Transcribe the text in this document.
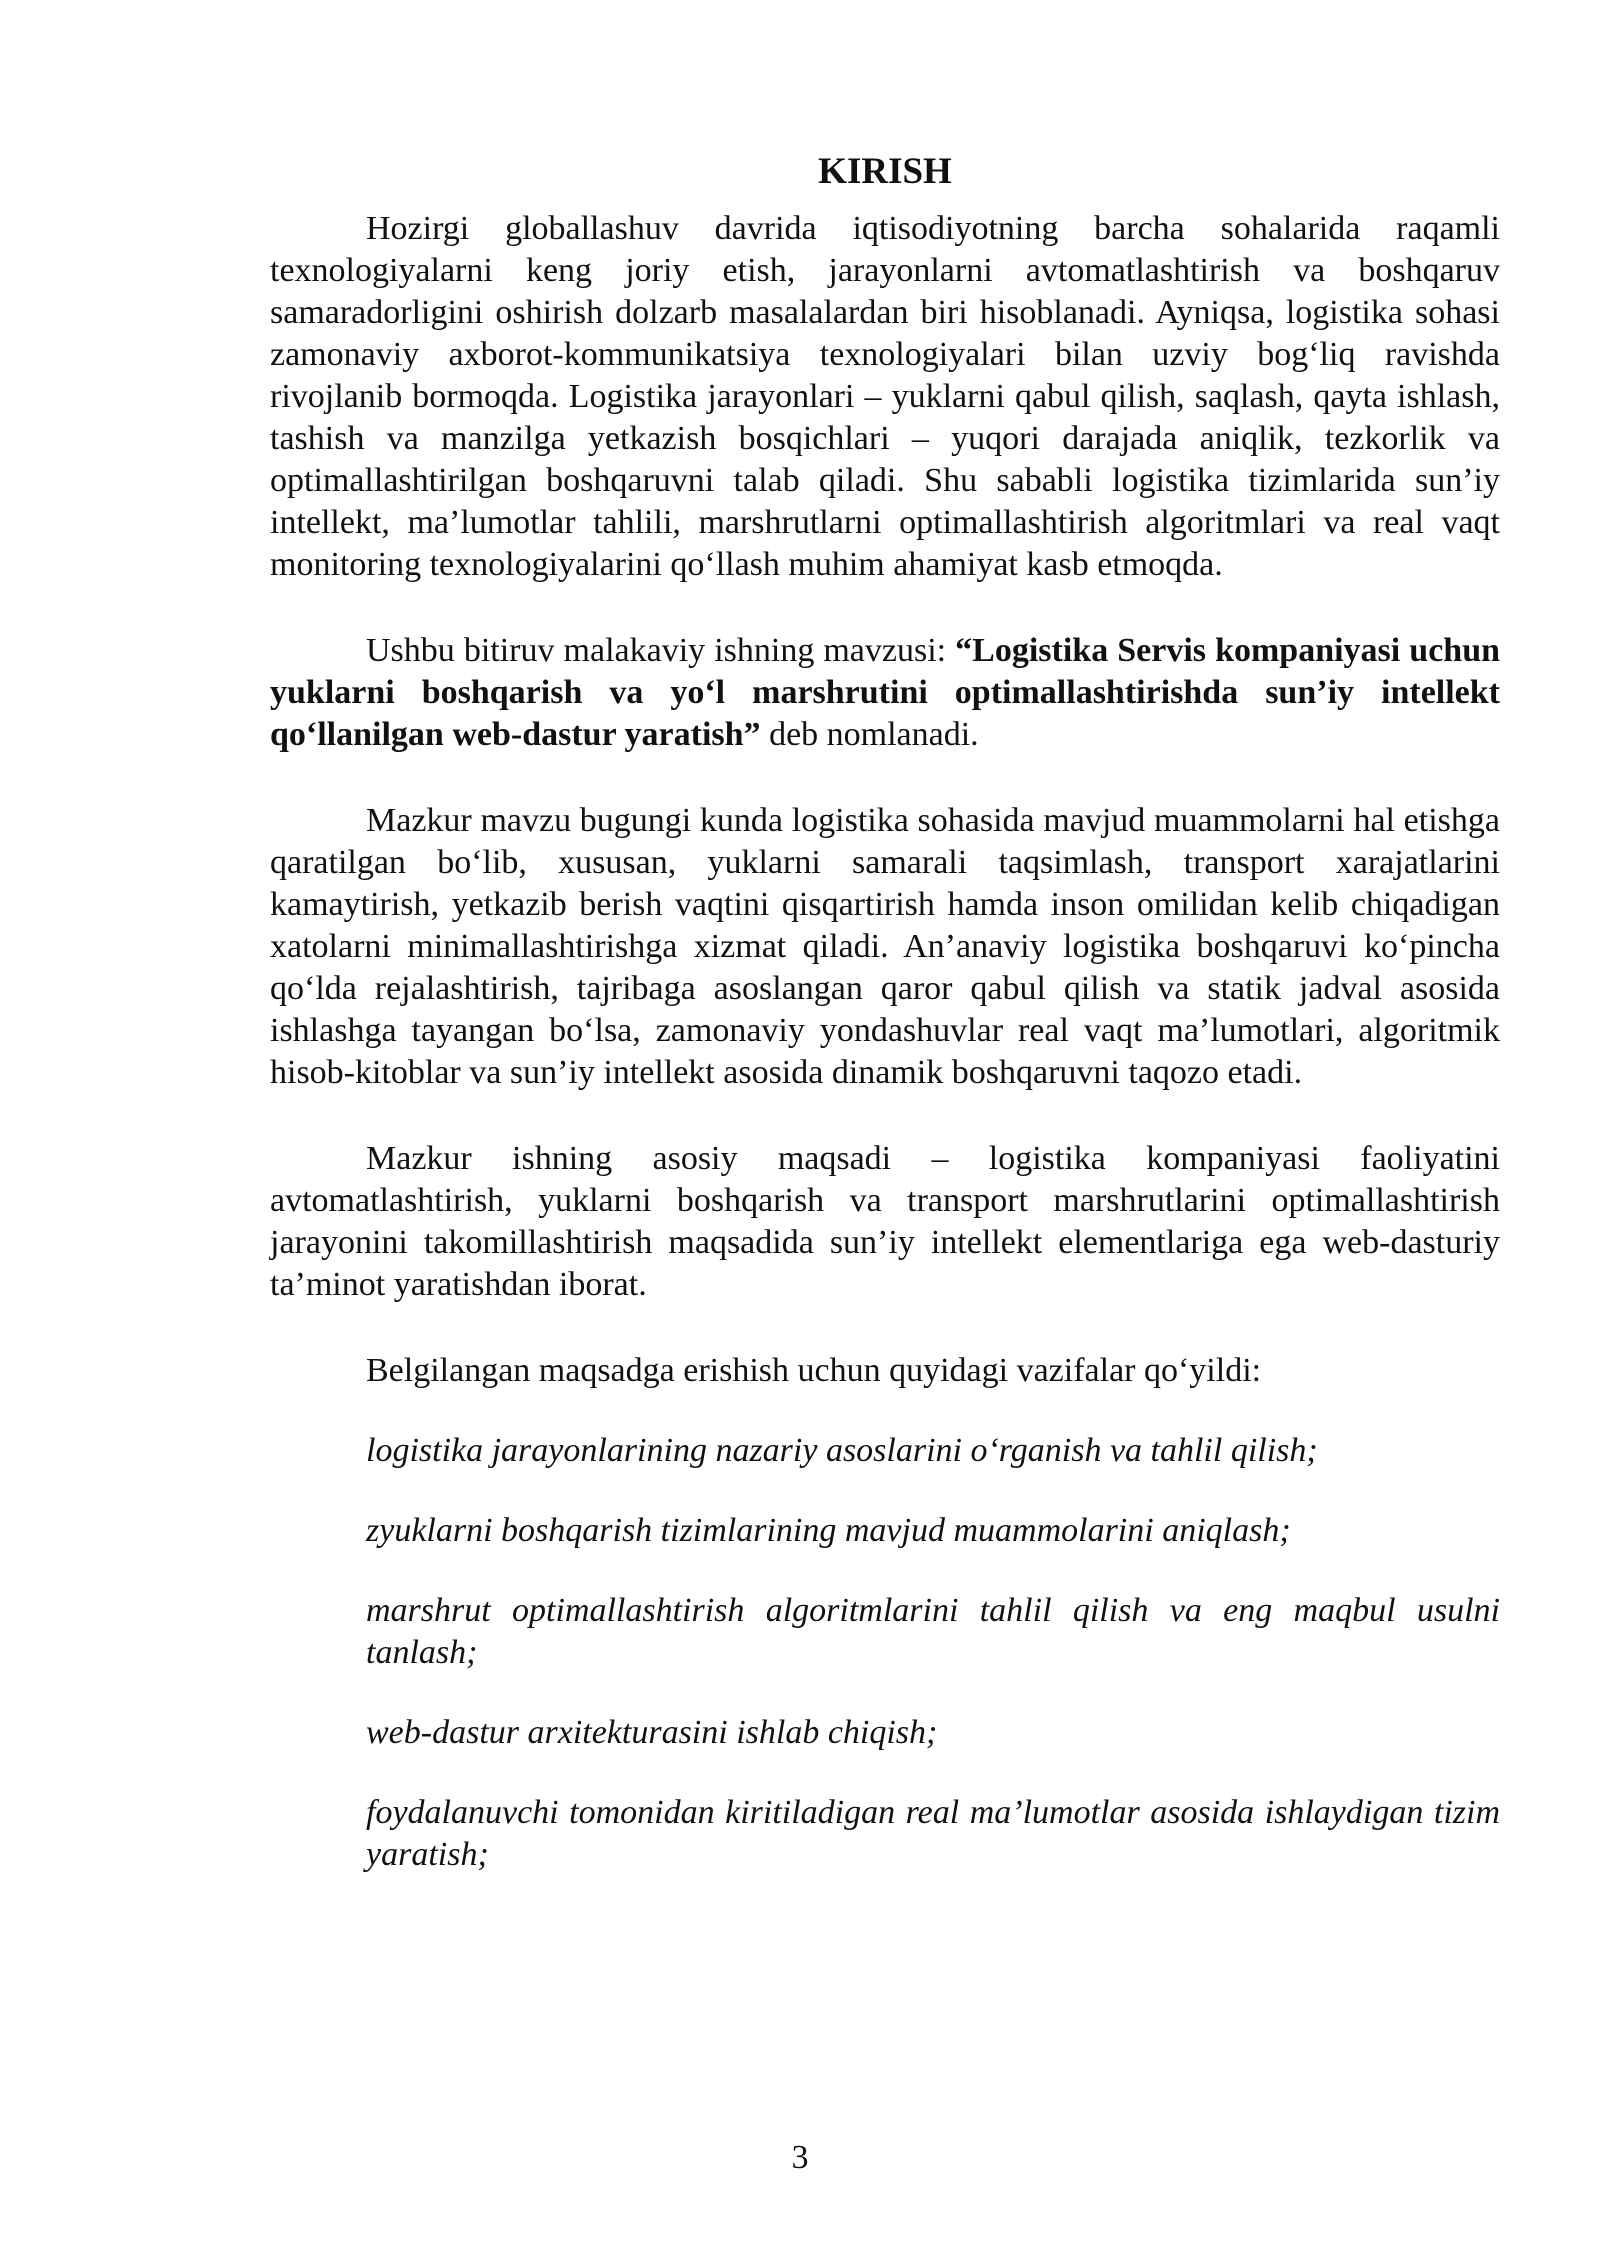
KIRISH

Hozirgi globallashuv davrida iqtisodiyotning barcha sohalarida raqamli texnologiyalarni keng joriy etish, jarayonlarni avtomatlashtirish va boshqaruv samaradorligini oshirish dolzarb masalalardan biri hisoblanadi. Ayniqsa, logistika sohasi zamonaviy axborot-kommunikatsiya texnologiyalari bilan uzviy bog‘liq ravishda rivojlanib bormoqda. Logistika jarayonlari – yuklarni qabul qilish, saqlash, qayta ishlash, tashish va manzilga yetkazish bosqichlari – yuqori darajada aniqlik, tezkorlik va optimallashtirilgan boshqaruvni talab qiladi. Shu sababli logistika tizimlarida sun’iy intellekt, ma’lumotlar tahlili, marshrutlarni optimallashtirish algoritmlari va real vaqt monitoring texnologiyalarini qo‘llash muhim ahamiyat kasb etmoqda.

Ushbu bitiruv malakaviy ishning mavzusi: “Logistika Servis kompaniyasi uchun yuklarni boshqarish va yo‘l marshrutini optimallashtirishda sun’iy intellekt qo‘llanilgan web-dastur yaratish” deb nomlanadi.

Mazkur mavzu bugungi kunda logistika sohasida mavjud muammolarni hal etishga qaratilgan bo‘lib, xususan, yuklarni samarali taqsimlash, transport xarajatlarini kamaytirish, yetkazib berish vaqtini qisqartirish hamda inson omilidan kelib chiqadigan xatolarni minimallashtirishga xizmat qiladi. An’anaviy logistika boshqaruvi ko‘pincha qo‘lda rejalashtirish, tajribaga asoslangan qaror qabul qilish va statik jadval asosida ishlashga tayangan bo‘lsa, zamonaviy yondashuvlar real vaqt ma’lumotlari, algoritmik hisob-kitoblar va sun’iy intellekt asosida dinamik boshqaruvni taqozo etadi.

Mazkur ishning asosiy maqsadi – logistika kompaniyasi faoliyatini avtomatlashtirish, yuklarni boshqarish va transport marshrutlarini optimallashtirish jarayonini takomillashtirish maqsadida sun’iy intellekt elementlariga ega web-dasturiy ta’minot yaratishdan iborat.

Belgilangan maqsadga erishish uchun quyidagi vazifalar qo‘yildi:

logistika jarayonlarining nazariy asoslarini o‘rganish va tahlil qilish;

zyuklarni boshqarish tizimlarining mavjud muammolarini aniqlash;

marshrut optimallashtirish algoritmlarini tahlil qilish va eng maqbul usulni tanlash;

web-dastur arxitekturasini ishlab chiqish;

foydalanuvchi tomonidan kiritiladigan real ma’lumotlar asosida ishlaydigan tizim yaratish;

3
